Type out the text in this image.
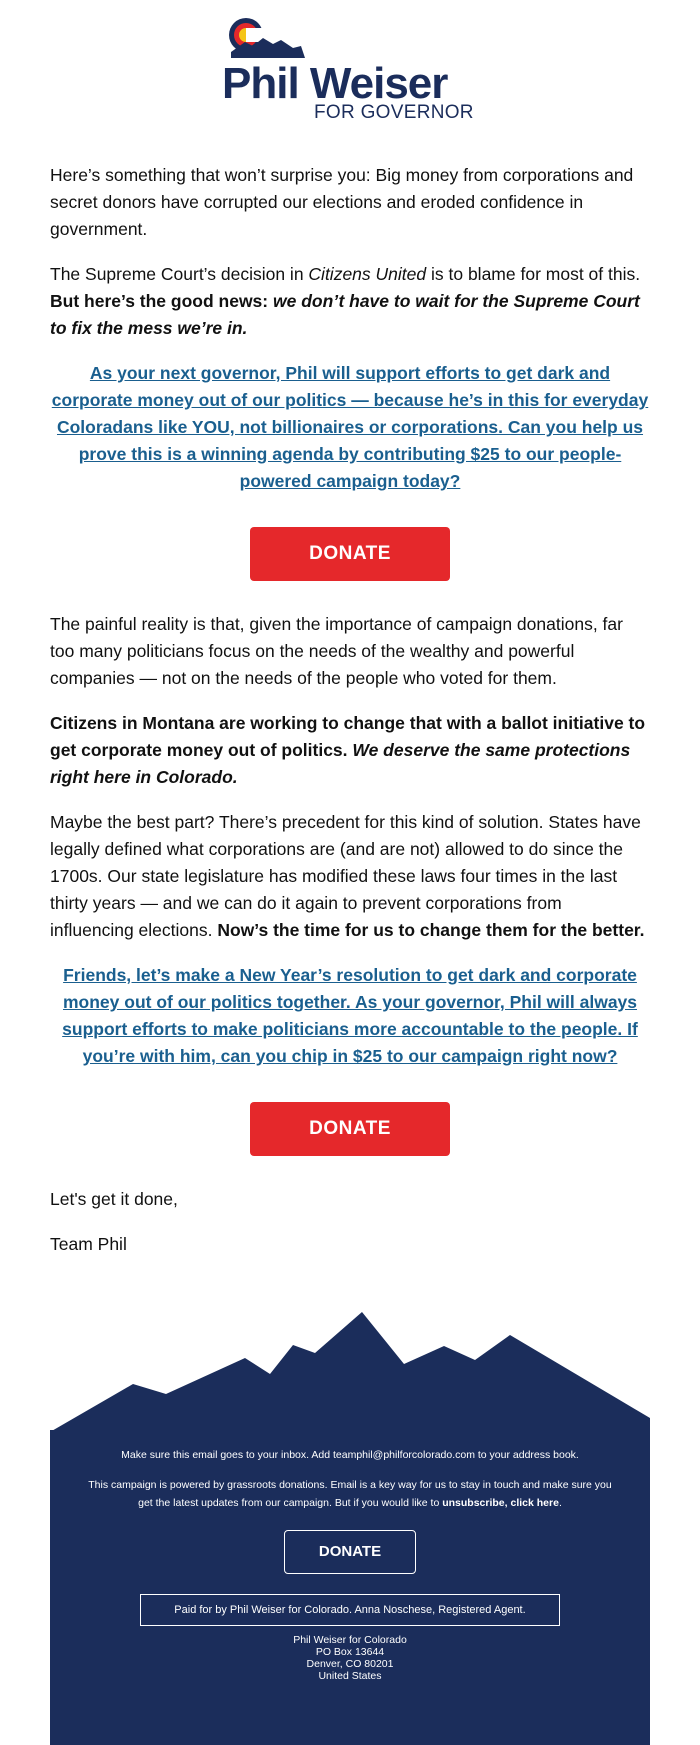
Phil Weiser
FOR GOVERNOR

Here’s something that won’t surprise you: Big money from corporations and secret donors have corrupted our elections and eroded confidence in government.

The Supreme Court’s decision in Citizens United is to blame for most of this. But here’s the good news: we don’t have to wait for the Supreme Court to fix the mess we’re in.

As your next governor, Phil will support efforts to get dark and corporate money out of our politics — because he’s in this for everyday Coloradans like YOU, not billionaires or corporations. Can you help us prove this is a winning agenda by contributing $25 to our people-powered campaign today?
DONATE

The painful reality is that, given the importance of campaign donations, far too many politicians focus on the needs of the wealthy and powerful companies — not on the needs of the people who voted for them.

Citizens in Montana are working to change that with a ballot initiative to get corporate money out of politics. We deserve the same protections right here in Colorado.

Maybe the best part? There’s precedent for this kind of solution. States have legally defined what corporations are (and are not) allowed to do since the 1700s. Our state legislature has modified these laws four times in the last thirty years — and we can do it again to prevent corporations from influencing elections. Now’s the time for us to change them for the better.

Friends, let’s make a New Year’s resolution to get dark and corporate money out of our politics together. As your governor, Phil will always support efforts to make politicians more accountable to the people. If you’re with him, can you chip in $25 to our campaign right now?
DONATE

Let's get it done,

Team Phil

Make sure this email goes to your inbox. Add teamphil@philforcolorado.com to your address book.
This campaign is powered by grassroots donations. Email is a key way for us to stay in touch and make sure you get the latest updates from our campaign. But if you would like to unsubscribe, click here.
DONATE
Paid for by Phil Weiser for Colorado. Anna Noschese, Registered Agent.
Phil Weiser for Colorado
PO Box 13644
Denver, CO 80201
United States
